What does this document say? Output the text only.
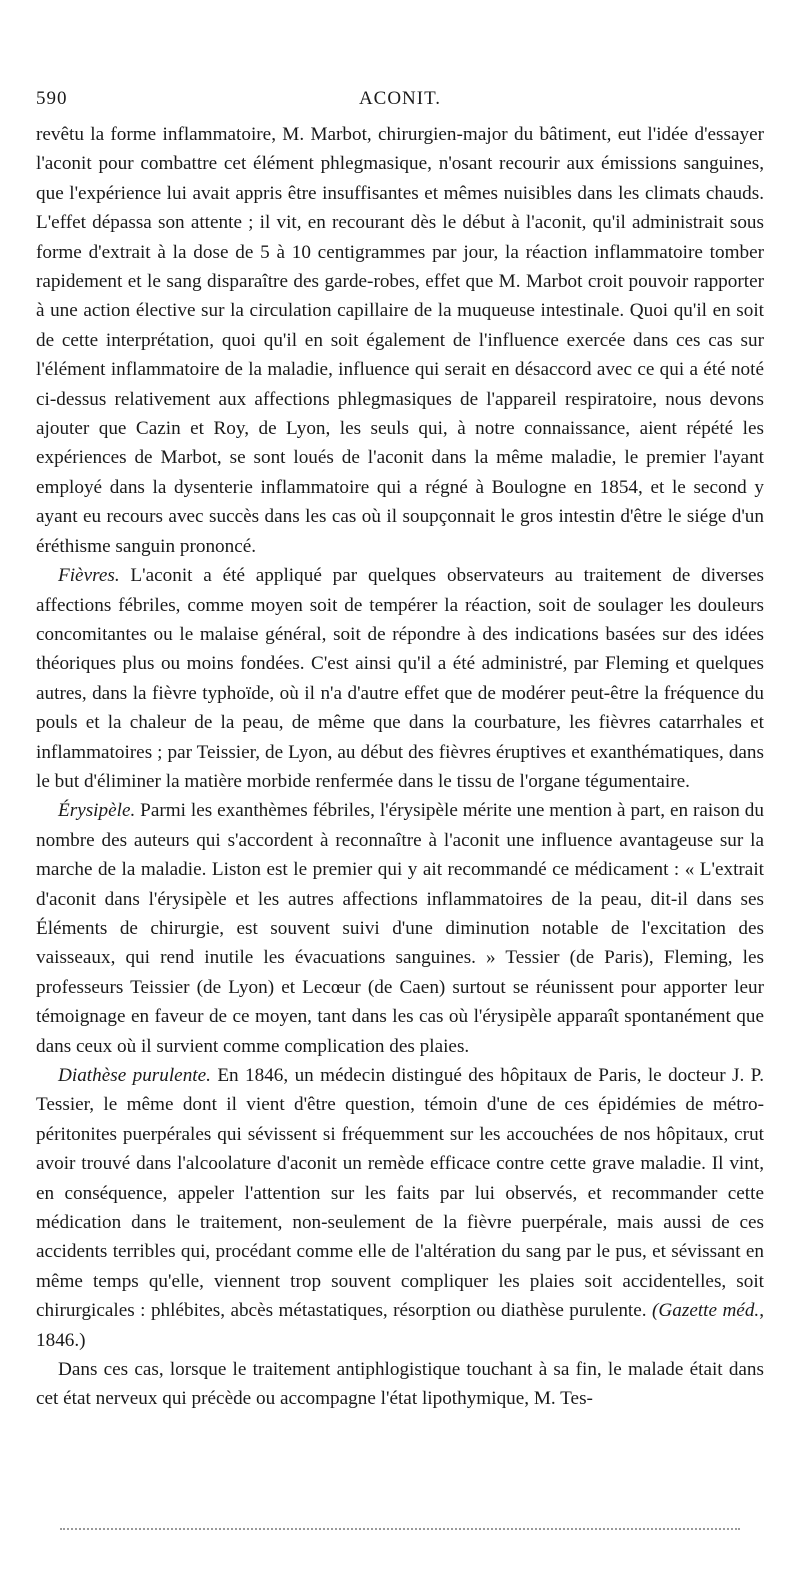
590	ACONIT.

revêtu la forme inflammatoire, M. Marbot, chirurgien-major du bâtiment, eut l'idée d'essayer l'aconit pour combattre cet élément phlegmasique, n'osant recourir aux émissions sanguines, que l'expérience lui avait appris être insuffisantes et mêmes nuisibles dans les climats chauds. L'effet dépassa son attente ; il vit, en recourant dès le début à l'aconit, qu'il administrait sous forme d'extrait à la dose de 5 à 10 centigrammes par jour, la réaction inflammatoire tomber rapidement et le sang disparaître des garde-robes, effet que M. Marbot croit pouvoir rapporter à une action élective sur la circulation capillaire de la muqueuse intestinale. Quoi qu'il en soit de cette interprétation, quoi qu'il en soit également de l'influence exercée dans ces cas sur l'élément inflammatoire de la maladie, influence qui serait en désaccord avec ce qui a été noté ci-dessus relativement aux affections phlegmasiques de l'appareil respiratoire, nous devons ajouter que Cazin et Roy, de Lyon, les seuls qui, à notre connaissance, aient répété les expériences de Marbot, se sont loués de l'aconit dans la même maladie, le premier l'ayant employé dans la dysenterie inflammatoire qui a régné à Boulogne en 1854, et le second y ayant eu recours avec succès dans les cas où il soupçonnait le gros intestin d'être le siége d'un éréthisme sanguin prononcé.

Fièvres. L'aconit a été appliqué par quelques observateurs au traitement de diverses affections fébriles, comme moyen soit de tempérer la réaction, soit de soulager les douleurs concomitantes ou le malaise général, soit de répondre à des indications basées sur des idées théoriques plus ou moins fondées. C'est ainsi qu'il a été administré, par Fleming et quelques autres, dans la fièvre typhoïde, où il n'a d'autre effet que de modérer peut-être la fréquence du pouls et la chaleur de la peau, de même que dans la courbature, les fièvres catarrhales et inflammatoires ; par Teissier, de Lyon, au début des fièvres éruptives et exanthématiques, dans le but d'éliminer la matière morbide renfermée dans le tissu de l'organe tégumentaire.

Érysipèle. Parmi les exanthèmes fébriles, l'érysipèle mérite une mention à part, en raison du nombre des auteurs qui s'accordent à reconnaître à l'aconit une influence avantageuse sur la marche de la maladie. Liston est le premier qui y ait recommandé ce médicament : « L'extrait d'aconit dans l'érysipèle et les autres affections inflammatoires de la peau, dit-il dans ses Éléments de chirurgie, est souvent suivi d'une diminution notable de l'excitation des vaisseaux, qui rend inutile les évacuations sanguines. » Tessier (de Paris), Fleming, les professeurs Teissier (de Lyon) et Lecœur (de Caen) surtout se réunissent pour apporter leur témoignage en faveur de ce moyen, tant dans les cas où l'érysipèle apparaît spontanément que dans ceux où il survient comme complication des plaies.

Diathèse purulente. En 1846, un médecin distingué des hôpitaux de Paris, le docteur J. P. Tessier, le même dont il vient d'être question, témoin d'une de ces épidémies de métro-péritonites puerpérales qui sévissent si fréquemment sur les accouchées de nos hôpitaux, crut avoir trouvé dans l'alcoolature d'aconit un remède efficace contre cette grave maladie. Il vint, en conséquence, appeler l'attention sur les faits par lui observés, et recommander cette médication dans le traitement, non-seulement de la fièvre puerpérale, mais aussi de ces accidents terribles qui, procédant comme elle de l'altération du sang par le pus, et sévissant en même temps qu'elle, viennent trop souvent compliquer les plaies soit accidentelles, soit chirurgicales : phlébites, abcès métastatiques, résorption ou diathèse purulente. (Gazette méd., 1846.)

Dans ces cas, lorsque le traitement antiphlogistique touchant à sa fin, le malade était dans cet état nerveux qui précède ou accompagne l'état lipothymique, M. Tes-
